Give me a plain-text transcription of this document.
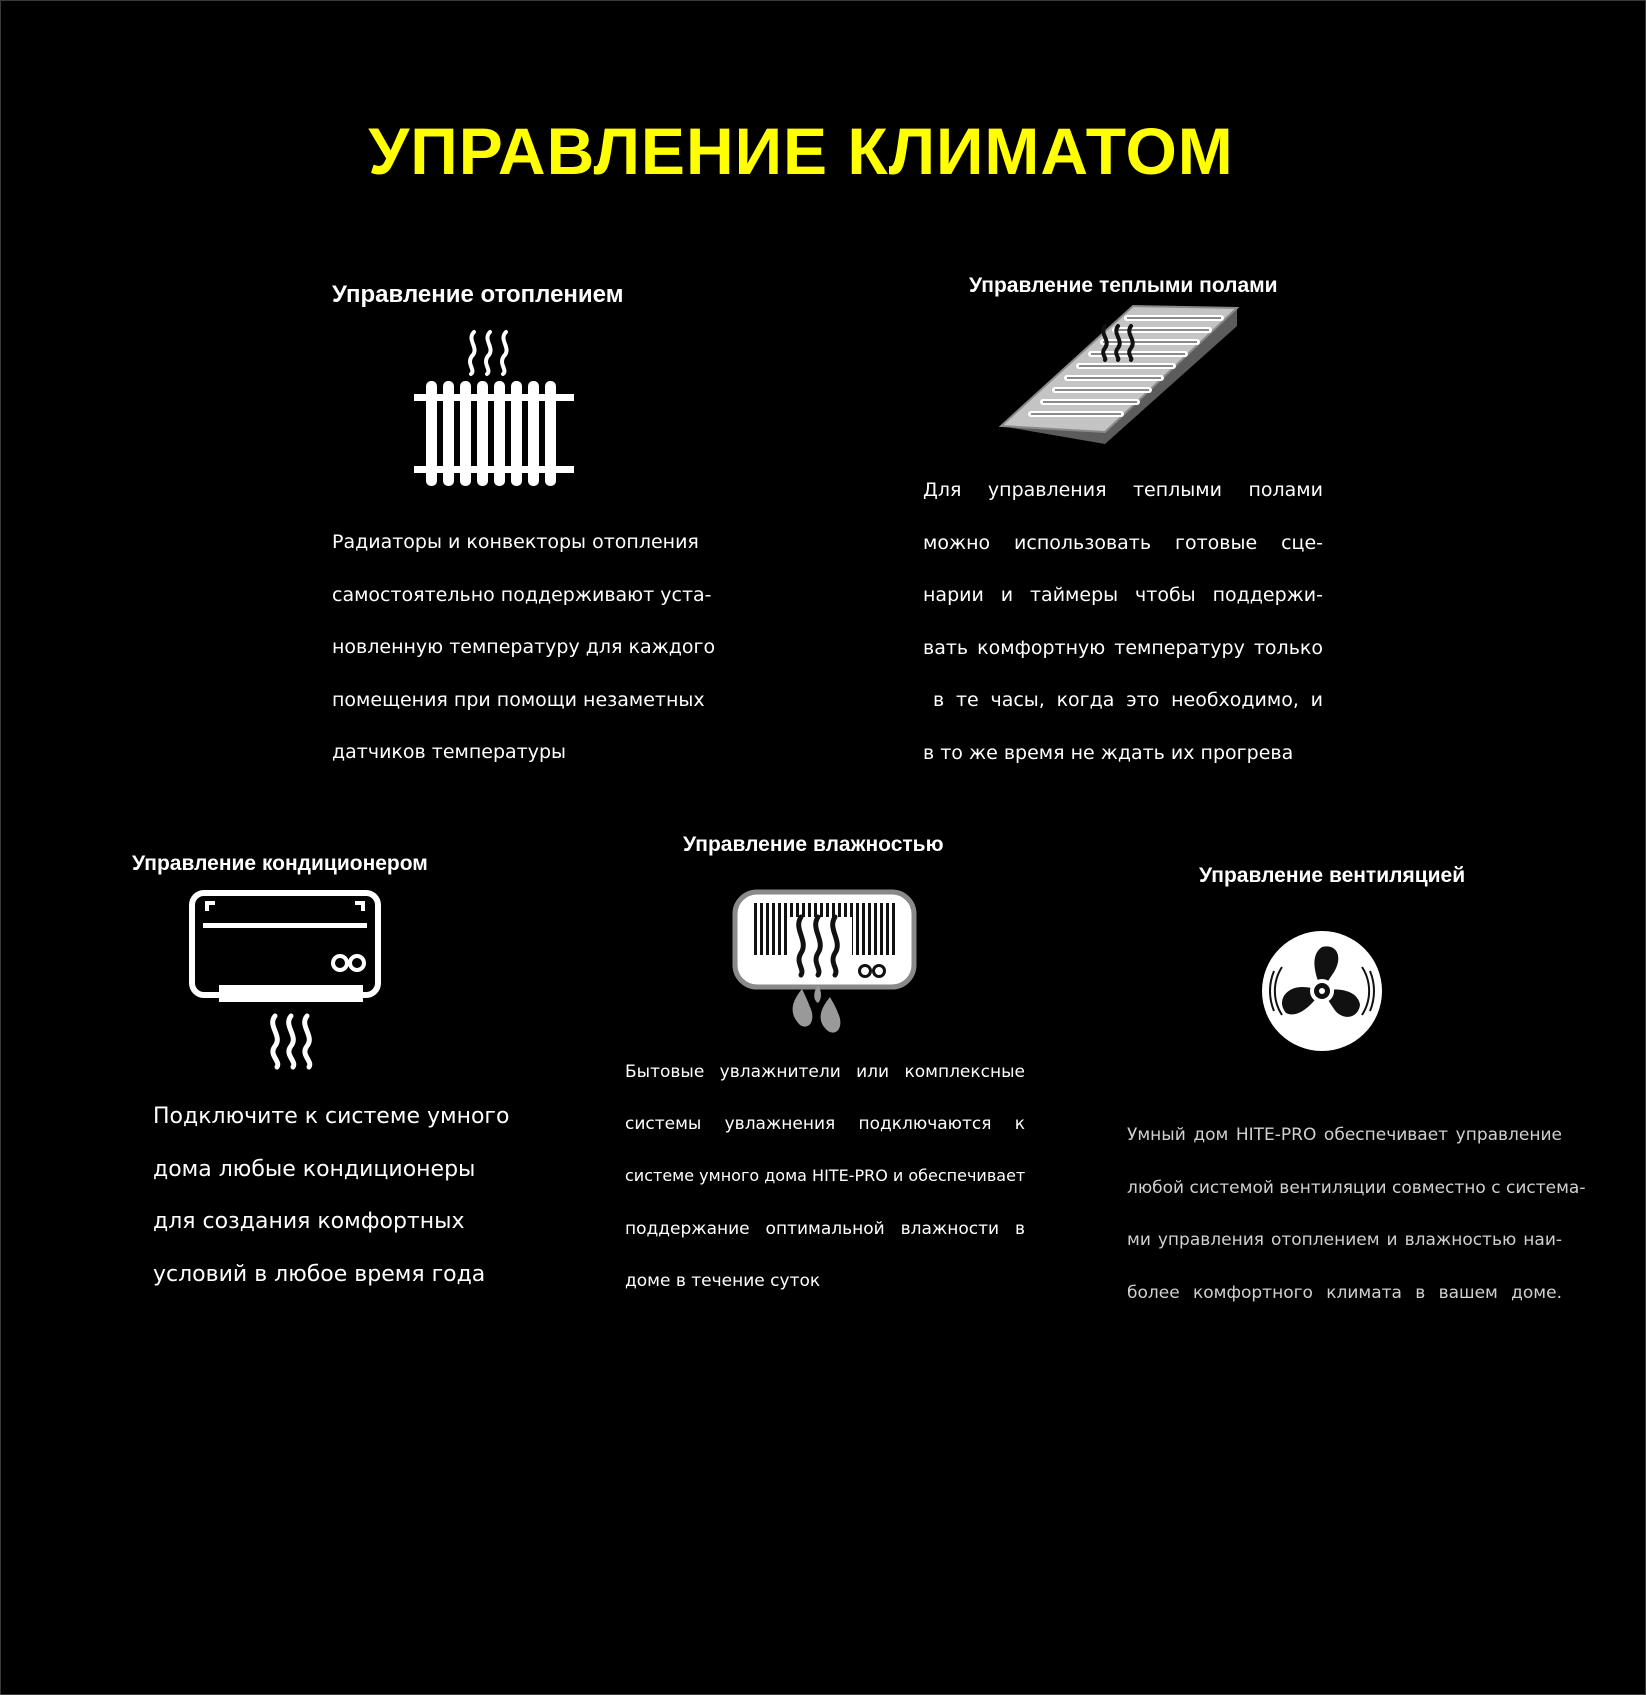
УПРАВЛЕНИЕ КЛИМАТОМ
Управление отоплением
Радиаторы и конвекторы отопления
самостоятельно поддерживают уста-
новленную температуру для каждого
помещения при помощи незаметных
датчиков температуры
Управление теплыми полами
Для управления теплыми полами
можно использовать готовые сце-
нарии и таймеры чтобы поддержи-
вать комфортную температуру только
в те часы, когда это необходимо, и
в то же время не ждать их прогрева
Управление кондиционером
Подключите к системе умного
дома любые кондиционеры
для создания комфортных
условий в любое время года
Управление влажностью
Бытовые увлажнители или комплексные
системы увлажнения подключаются к
системе умного дома HITE-PRO и обеспечивает
поддержание оптимальной влажности в
доме в течение суток
Управление вентиляцией
Умный дом HITE-PRO обеспечивает управление
любой системой вентиляции совместно с системa-
ми управления отоплением и влажностью наи-
более комфортного климата в вашем доме.
